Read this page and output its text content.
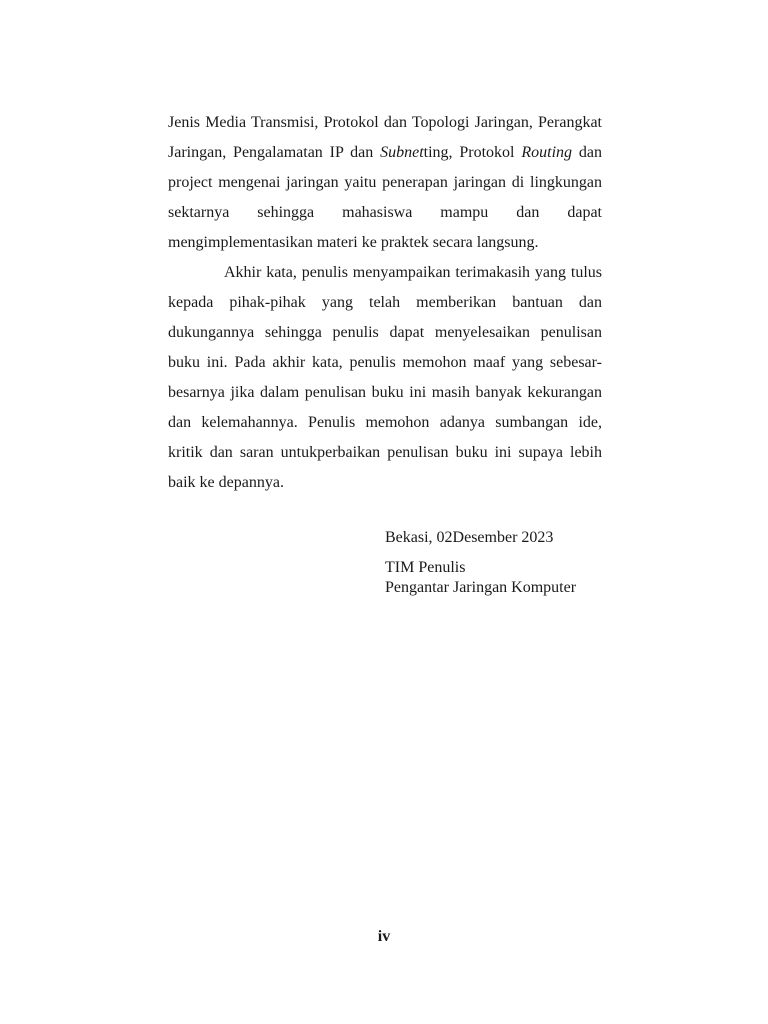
Jenis Media Transmisi, Protokol dan Topologi Jaringan, Perangkat Jaringan, Pengalamatan IP dan Subnetting, Protokol Routing dan project mengenai jaringan yaitu penerapan jaringan di lingkungan sektarnya sehingga mahasiswa mampu dan dapat mengimplementasikan materi ke praktek secara langsung.

Akhir kata, penulis menyampaikan terimakasih yang tulus kepada pihak-pihak yang telah memberikan bantuan dan dukungannya sehingga penulis dapat menyelesaikan penulisan buku ini. Pada akhir kata, penulis memohon maaf yang sebesar-besarnya jika dalam penulisan buku ini masih banyak kekurangan dan kelemahannya. Penulis memohon adanya sumbangan ide, kritik dan saran untukperbaikan penulisan buku ini supaya lebih baik ke depannya.

Bekasi, 02Desember 2023
TIM Penulis
Pengantar Jaringan Komputer
iv
